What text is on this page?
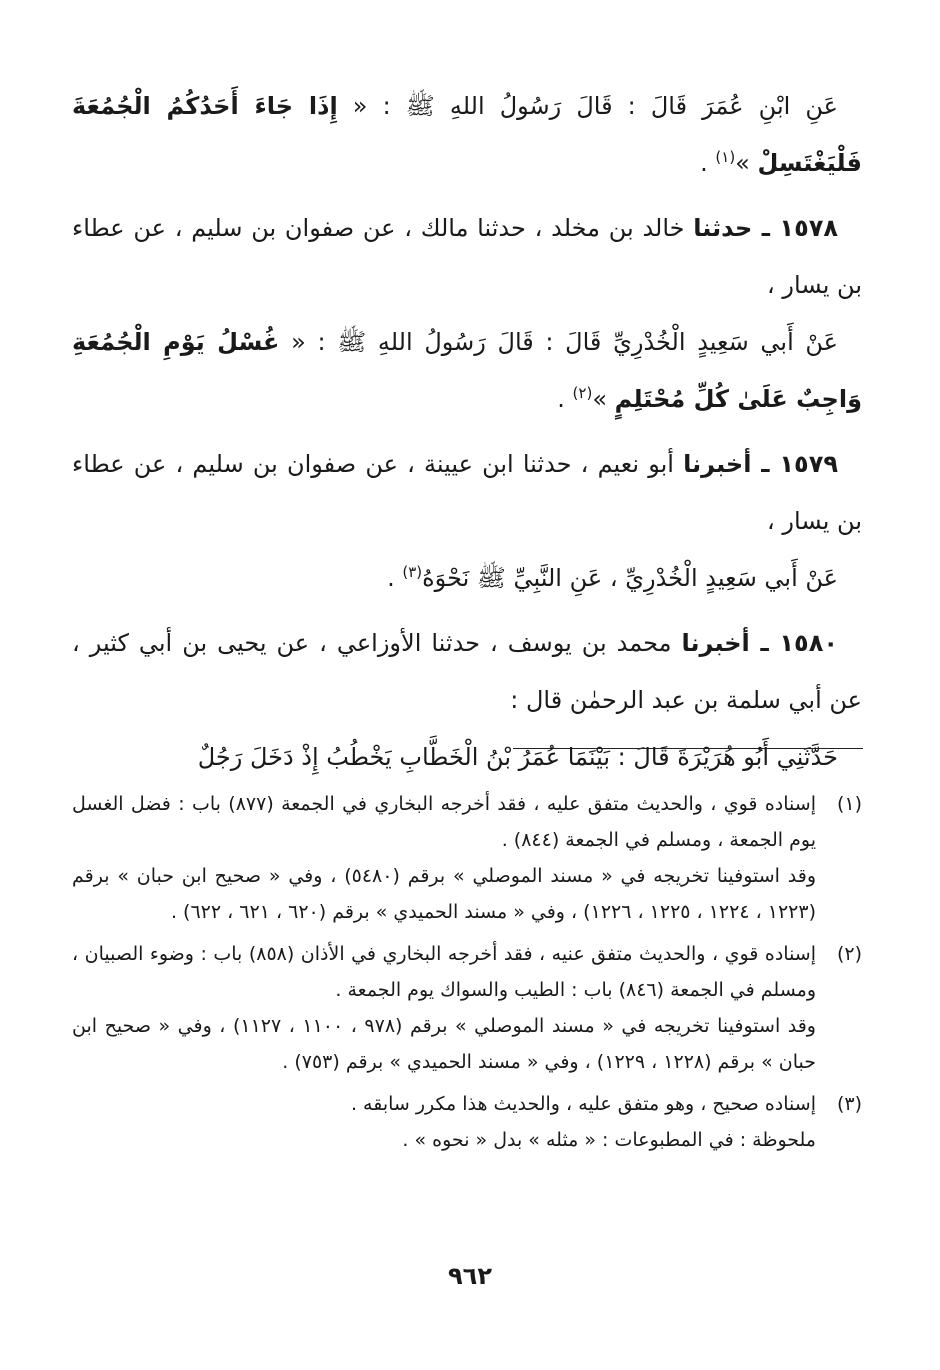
عَنِ ابْنِ عُمَرَ قَالَ : قَالَ رَسُولُ اللهِ ﷺ : « إِذَا جَاءَ أَحَدُكُمُ الْجُمُعَةَ فَلْيَغْتَسِلْ »$^{(١)}$ .

١٥٧٨ ـ حدثنا خالد بن مخلد ، حدثنا مالك ، عن صفوان بن سليم ، عن عطاء بن يسار ،

عَنْ أَبي سَعِيدٍ الْخُدْرِيِّ قَالَ : قَالَ رَسُولُ اللهِ ﷺ : « غُسْلُ يَوْمِ الْجُمُعَةِ وَاجِبٌ عَلَىٰ كُلِّ مُحْتَلِمٍ »$^{(٢)}$ .

١٥٧٩ ـ أخبرنا أبو نعيم ، حدثنا ابن عيينة ، عن صفوان بن سليم ، عن عطاء بن يسار ،

عَنْ أَبي سَعِيدٍ الْخُدْرِيِّ ، عَنِ النَّبِيِّ ﷺ نَحْوَهُ$^{(٣)}$ .

١٥٨٠ ـ أخبرنا محمد بن يوسف ، حدثنا الأوزاعي ، عن يحيى بن أبي كثير ، عن أبي سلمة بن عبد الرحمٰن قال :

حَدَّثَنِي أَبُو هُرَيْرَةَ قَالَ : بَيْنَمَا عُمَرُ بْنُ الْخَطَّابِ يَخْطُبُ إِذْ دَخَلَ رَجُلٌ

(١)

إسناده قوي ، والحديث متفق عليه ، فقد أخرجه البخاري في الجمعة (٨٧٧) باب : فضل الغسل يوم الجمعة ، ومسلم في الجمعة (٨٤٤) .

وقد استوفينا تخريجه في « مسند الموصلي » برقم (٥٤٨٠) ، وفي « صحيح ابن حبان » برقم (١٢٢٣ ، ١٢٢٤ ، ١٢٢٥ ، ١٢٢٦) ، وفي « مسند الحميدي » برقم (٦٢٠ ، ٦٢١ ، ٦٢٢) .

(٢)

إسناده قوي ، والحديث متفق عنيه ، فقد أخرجه البخاري في الأذان (٨٥٨) باب : وضوء الصبيان ، ومسلم في الجمعة (٨٤٦) باب : الطيب والسواك يوم الجمعة .

وقد استوفينا تخريجه في « مسند الموصلي » برقم (٩٧٨ ، ١١٠٠ ، ١١٢٧) ، وفي « صحيح ابن حبان » برقم (١٢٢٨ ، ١٢٢٩) ، وفي « مسند الحميدي » برقم (٧٥٣) .

(٣)

إسناده صحيح ، وهو متفق عليه ، والحديث هذا مكرر سابقه .

ملحوظة : في المطبوعات : « مثله » بدل « نحوه » .

٩٦٢
